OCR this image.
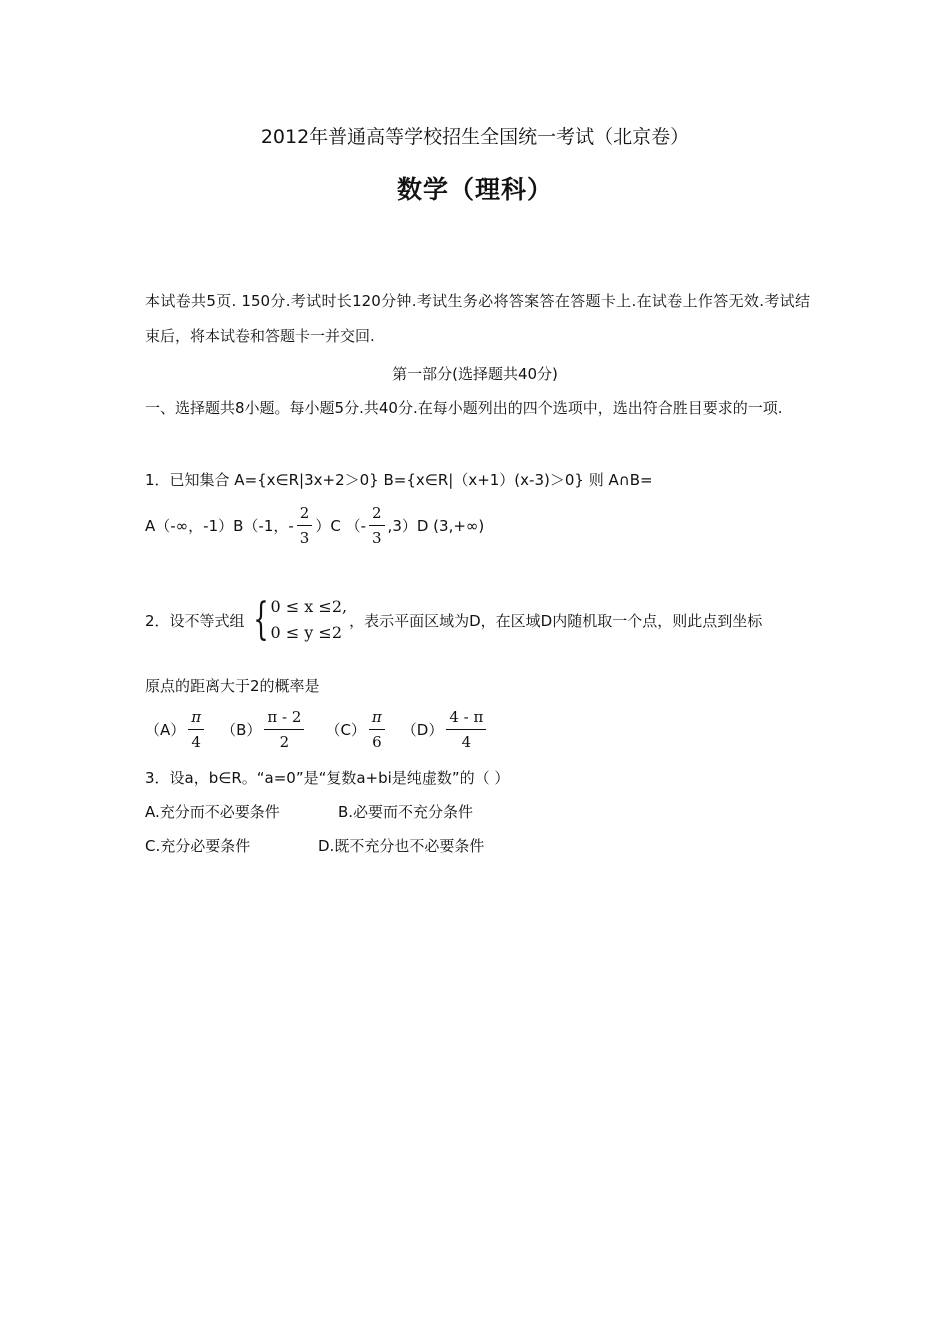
2012年普通高等学校招生全国统一考试（北京卷）
数学（理科）
本试卷共5页. 150分.考试时长120分钟.考试生务必将答案答在答题卡上.在试卷上作答无效.考试结束后，将本试卷和答题卡一并交回.
第一部分(选择题共40分)
一、选择题共8小题。每小题5分.共40分.在每小题列出的四个选项中，选出符合胜目要求的一项.
1．已知集合 A={x∈R|3x+2＞0} B={x∈R|（x+1）(x-3)＞0} 则 A∩B=
A（-∞，-1）B（-1，- $\frac{2}{3} )C$ （- $\frac{2}{3} ,3)D$ (3,+∞)
2．设不等式组 { 0 ≤ x ≤2,
0 ≤ y ≤2
，表示平面区域为D，在区域D内随机取一个点，则此点到坐标
原点的距离大于2的概率是
$(A) \frac{\pi}{4} (B) \frac{\pi - 2}{2} (C) \frac{\pi}{6} (D) \frac{4 - \pi}{4}$
3．设a，b∈R。“a=0”是“复数a+bi是纯虚数”的（ ）
A.充分而不必要条件	B.必要而不充分条件
C.充分必要条件	D.既不充分也不必要条件
